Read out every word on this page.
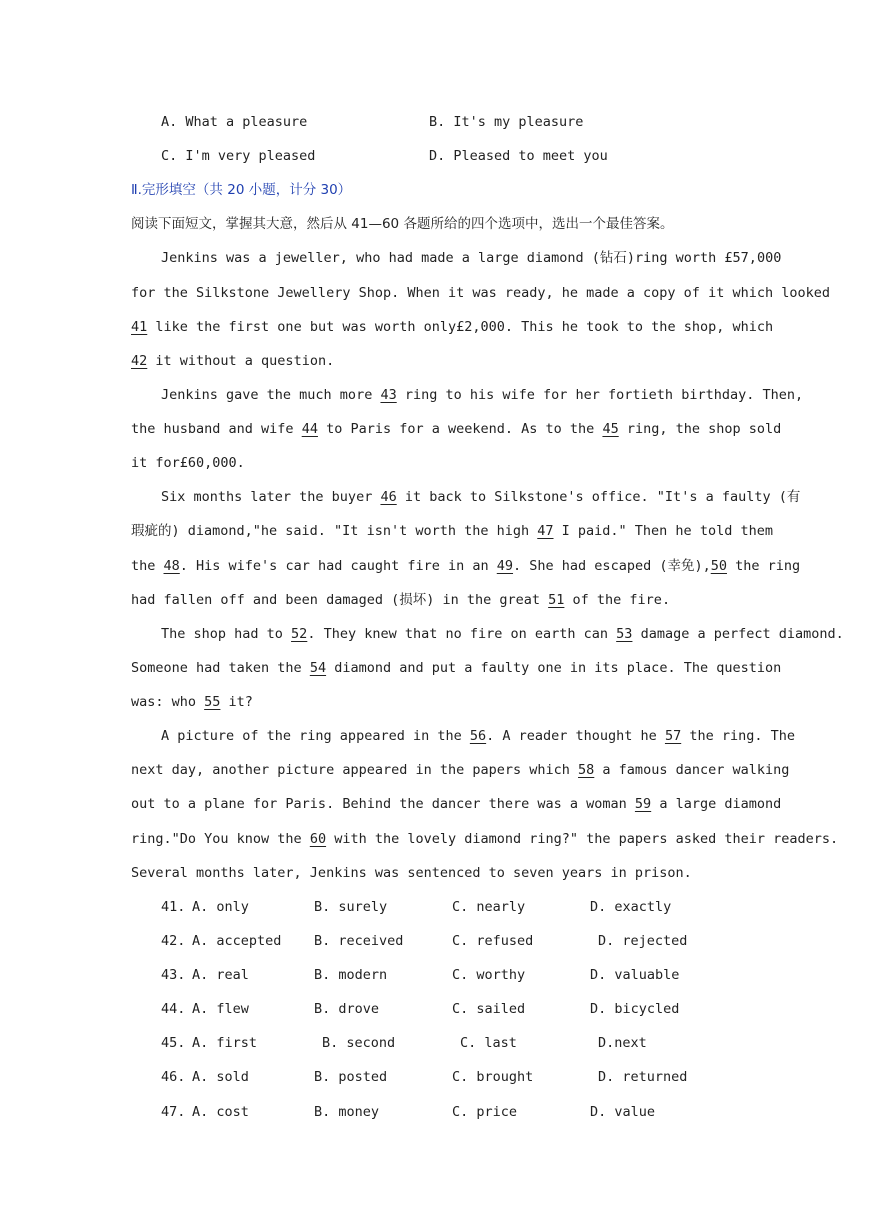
A. What a pleasure	B. It's my pleasure
C. I'm very pleased	D. Pleased to meet you
Ⅱ.完形填空（共 20 小题，计分 30）
阅读下面短文，掌握其大意，然后从 41—60 各题所给的四个选项中，选出一个最佳答案。
Jenkins was a jeweller, who had made a large diamond (钻石)ring worth £57,000
for the Silkstone Jewellery Shop. When it was ready, he made a copy of it which looked
41 like the first one but was worth only£2,000. This he took to the shop, which
42 it without a question.
Jenkins gave the much more 43 ring to his wife for her fortieth birthday. Then,
the husband and wife 44 to Paris for a weekend. As to the 45 ring, the shop sold
it for£60,000.
Six months later the buyer 46 it back to Silkstone's office. "It's a faulty (有
瑕疵的) diamond,"he said. "It isn't worth the high 47 I paid." Then he told them
the 48. His wife's car had caught fire in an 49. She had escaped (幸免),50 the ring
had fallen off and been damaged (损坏) in the great 51 of the fire.
The shop had to 52. They knew that no fire on earth can 53 damage a perfect diamond.
Someone had taken the 54 diamond and put a faulty one in its place. The question
was: who 55 it?
A picture of the ring appeared in the 56. A reader thought he 57 the ring. The
next day, another picture appeared in the papers which 58 a famous dancer walking
out to a plane for Paris. Behind the dancer there was a woman 59 a large diamond
ring."Do You know the 60 with the lovely diamond ring?" the papers asked their readers.
Several months later, Jenkins was sentenced to seven years in prison.
41. A. only	B. surely	C. nearly	D. exactly
42. A. accepted B. received	C. refused	D. rejected
43. A. real	B. modern	C. worthy	D. valuable
44. A. flew	B. drove	C. sailed	D. bicycled
45. A. first	B. second	C. last	D.next
46. A. sold	B. posted	C. brought	D. returned
47. A. cost	B. money	C. price	D. value
